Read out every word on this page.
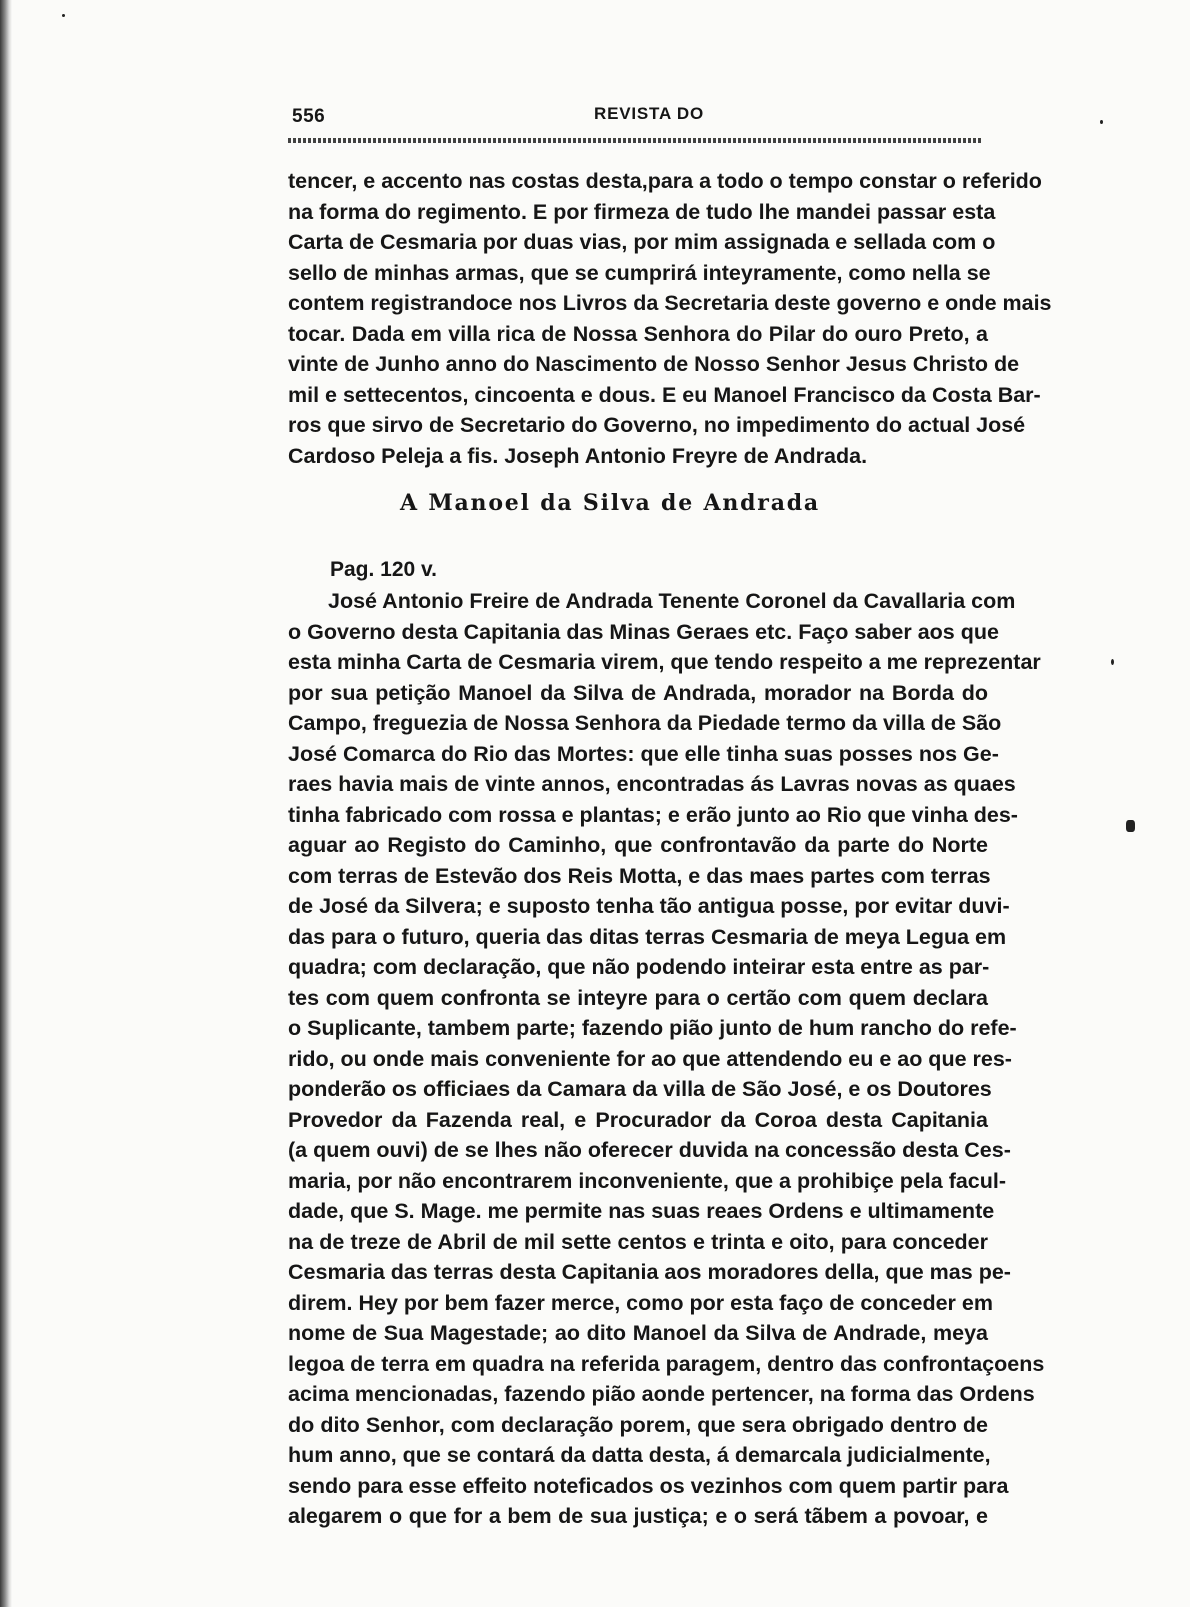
556	REVISTA DO
tencer, e accento nas costas desta,para a todo o tempo constar o referido
na forma do regimento. E por firmeza de tudo lhe mandei passar esta
Carta de Cesmaria por duas vias, por mim assignada e sellada com o
sello de minhas armas, que se cumprirá inteyramente, como nella se
contem registrandoce nos Livros da Secretaria deste governo e onde mais
tocar. Dada em villa rica de Nossa Senhora do Pilar do ouro Preto, a
vinte de Junho anno do Nascimento de Nosso Senhor Jesus Christo de
mil e settecentos, cincoenta e dous. E eu Manoel Francisco da Costa Bar-
ros que sirvo de Secretario do Governo, no impedimento do actual José
Cardoso Peleja a fis. Joseph Antonio Freyre de Andrada.
A Manoel da Silva de Andrada
Pag. 120 v.
José Antonio Freire de Andrada Tenente Coronel da Cavallaria com
o Governo desta Capitania das Minas Geraes etc. Faço saber aos que
esta minha Carta de Cesmaria virem, que tendo respeito a me reprezentar
por sua petição Manoel da Silva de Andrada, morador na Borda do
Campo, freguezia de Nossa Senhora da Piedade termo da villa de São
José Comarca do Rio das Mortes: que elle tinha suas posses nos Ge-
raes havia mais de vinte annos, encontradas ás Lavras novas as quaes
tinha fabricado com rossa e plantas; e erão junto ao Rio que vinha des-
aguar ao Registo do Caminho, que confrontavão da parte do Norte
com terras de Estevão dos Reis Motta, e das maes partes com terras
de José da Silvera; e suposto tenha tão antigua posse, por evitar duvi-
das para o futuro, queria das ditas terras Cesmaria de meya Legua em
quadra; com declaração, que não podendo inteirar esta entre as par-
tes com quem confronta se inteyre para o certão com quem declara
o Suplicante, tambem parte; fazendo pião junto de hum rancho do refe-
rido, ou onde mais conveniente for ao que attendendo eu e ao que res-
ponderão os officiaes da Camara da villa de São José, e os Doutores
Provedor da Fazenda real, e Procurador da Coroa desta Capitania
(a quem ouvi) de se lhes não oferecer duvida na concessão desta Ces-
maria, por não encontrarem inconveniente, que a prohibiçe pela facul-
dade, que S. Mage. me permite nas suas reaes Ordens e ultimamente
na de treze de Abril de mil sette centos e trinta e oito, para conceder
Cesmaria das terras desta Capitania aos moradores della, que mas pe-
direm. Hey por bem fazer merce, como por esta faço de conceder em
nome de Sua Magestade; ao dito Manoel da Silva de Andrade, meya
legoa de terra em quadra na referida paragem, dentro das confrontaçoens
acima mencionadas, fazendo pião aonde pertencer, na forma das Ordens
do dito Senhor, com declaração porem, que sera obrigado dentro de
hum anno, que se contará da datta desta, á demarcala judicialmente,
sendo para esse effeito noteficados os vezinhos com quem partir para
alegarem o que for a bem de sua justiça; e o será tãbem a povoar, e
